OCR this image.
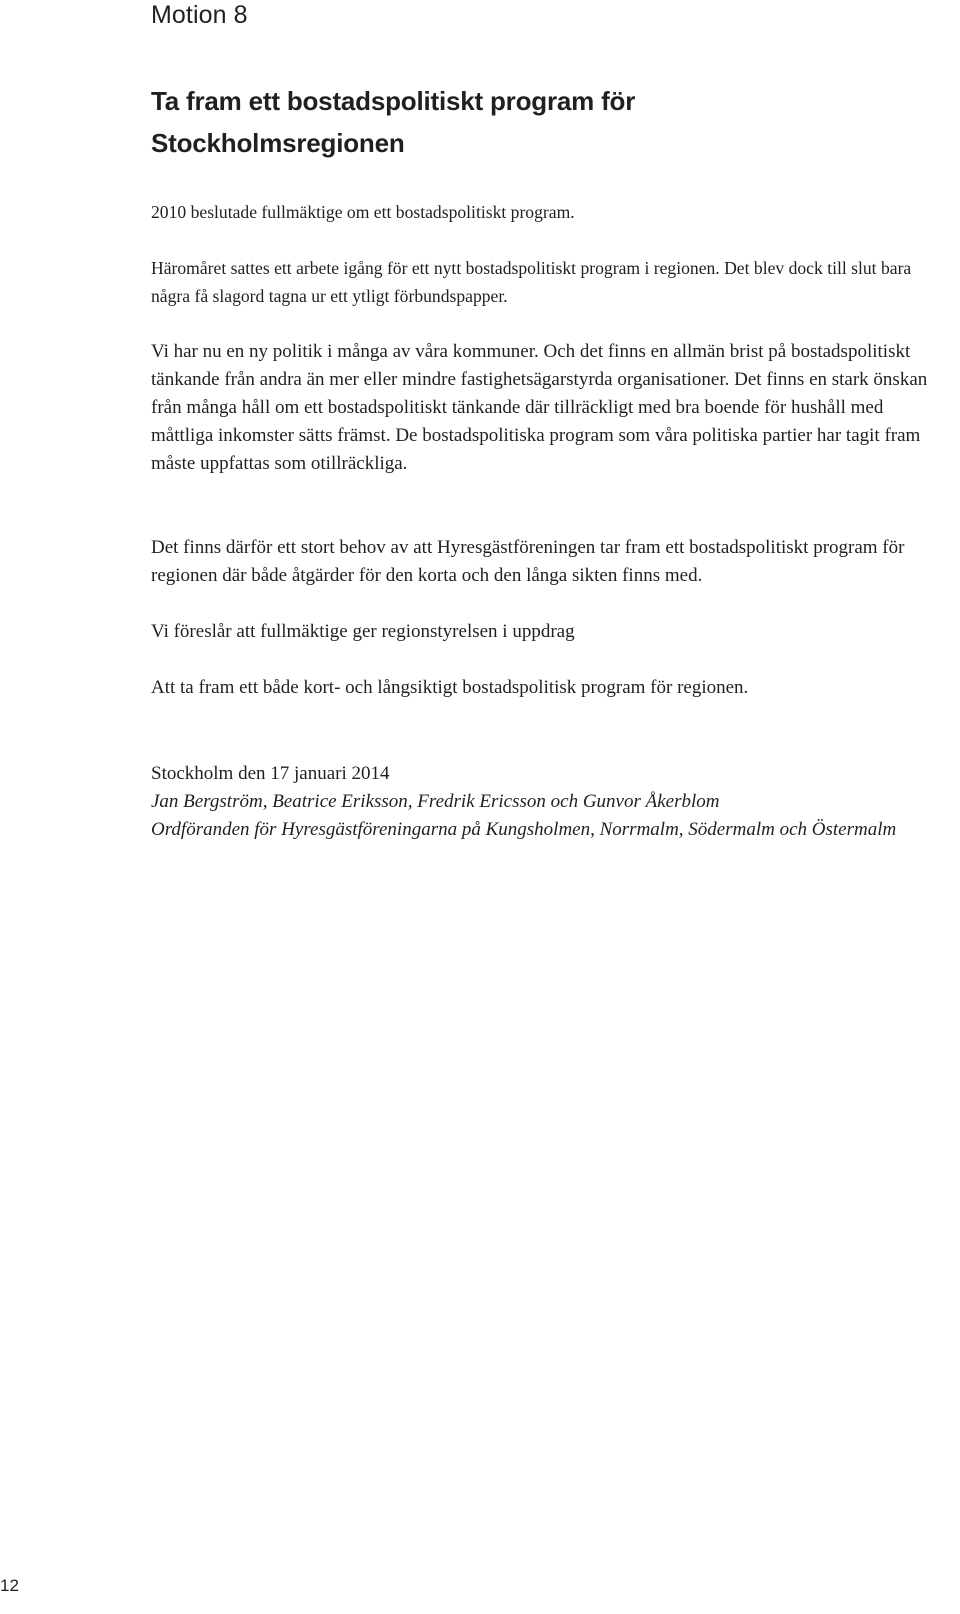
Motion 8
Ta fram ett bostadspolitiskt program för
Stockholmsregionen

2010 beslutade fullmäktige om ett bostadspolitiskt program.

Häromåret sattes ett arbete igång för ett nytt bostadspolitiskt program i regionen. Det blev dock till slut bara några få slagord tagna ur ett ytligt förbundspapper.

Vi har nu en ny politik i många av våra kommuner. Och det finns en allmän brist på bostadspolitiskt tänkande från andra än mer eller mindre fastighetsägarstyrda organisationer. Det finns en stark önskan från många håll om ett bostadspolitiskt tänkande där tillräckligt med bra boende för hushåll med måttliga inkomster sätts främst. De bostadspolitiska program som våra politiska partier har tagit fram måste uppfattas som otillräckliga.

Det finns därför ett stort behov av att Hyresgästföreningen tar fram ett bostadspolitiskt program för regionen där både åtgärder för den korta och den långa sikten finns med.

Vi föreslår att fullmäktige ger regionstyrelsen i uppdrag

Att ta fram ett både kort- och långsiktigt bostadspolitisk program för regionen.

Stockholm den 17 januari 2014
Jan Bergström, Beatrice Eriksson, Fredrik Ericsson och Gunvor Åkerblom
Ordföranden för Hyresgästföreningarna på Kungsholmen, Norrmalm, Södermalm och Östermalm
12
